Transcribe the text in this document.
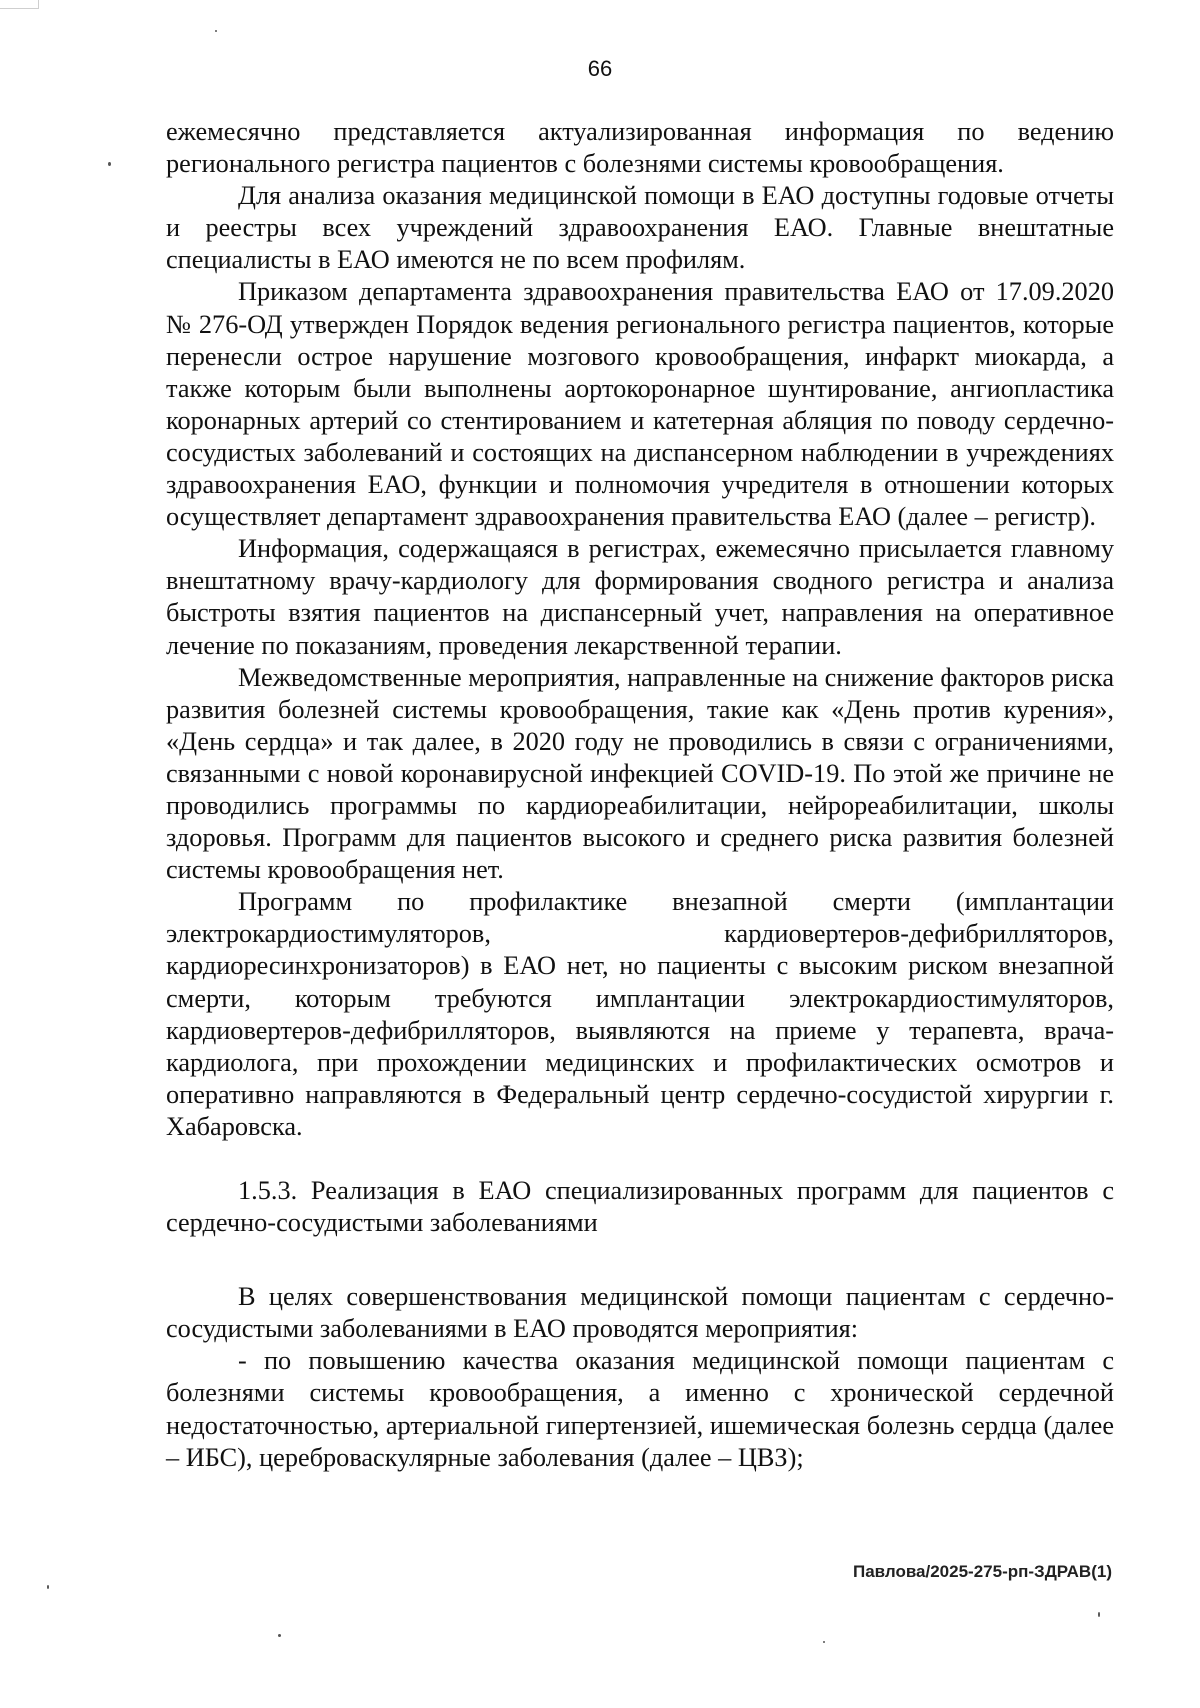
66

ежемесячно представляется актуализированная информация по ведению регионального регистра пациентов с болезнями системы кровообращения.

Для анализа оказания медицинской помощи в ЕАО доступны годовые отчеты и реестры всех учреждений здравоохранения ЕАО. Главные внештатные специалисты в ЕАО имеются не по всем профилям.

Приказом департамента здравоохранения правительства ЕАО от 17.09.2020 № 276-ОД утвержден Порядок ведения регионального регистра пациентов, которые перенесли острое нарушение мозгового кровообращения, инфаркт миокарда, а также которым были выполнены аортокоронарное шунтирование, ангиопластика коронарных артерий со стентированием и катетерная абляция по поводу сердечно-сосудистых заболеваний и состоящих на диспансерном наблюдении в учреждениях здравоохранения ЕАО, функции и полномочия учредителя в отношении которых осуществляет департамент здравоохранения правительства ЕАО (далее – регистр).

Информация, содержащаяся в регистрах, ежемесячно присылается главному внештатному врачу-кардиологу для формирования сводного регистра и анализа быстроты взятия пациентов на диспансерный учет, направления на оперативное лечение по показаниям, проведения лекарственной терапии.

Межведомственные мероприятия, направленные на снижение факторов риска развития болезней системы кровообращения, такие как «День против курения», «День сердца» и так далее, в 2020 году не проводились в связи с ограничениями, связанными с новой коронавирусной инфекцией COVID-19. По этой же причине не проводились программы по кардиореабилитации, нейрореабилитации, школы здоровья. Программ для пациентов высокого и среднего риска развития болезней системы кровообращения нет.

Программ по профилактике внезапной смерти (имплантации электрокардиостимуляторов, кардиовертеров-дефибрилляторов, кардиоресинхронизаторов) в ЕАО нет, но пациенты с высоким риском внезапной смерти, которым требуются имплантации электрокардиостимуляторов, кардиовертеров-дефибрилляторов, выявляются на приеме у терапевта, врача-кардиолога, при прохождении медицинских и профилактических осмотров и оперативно направляются в Федеральный центр сердечно-сосудистой хирургии г. Хабаровска.

1.5.3. Реализация в ЕАО специализированных программ для пациентов с сердечно-сосудистыми заболеваниями

В целях совершенствования медицинской помощи пациентам с сердечно-сосудистыми заболеваниями в ЕАО проводятся мероприятия:

- по повышению качества оказания медицинской помощи пациентам с болезнями системы кровообращения, а именно с хронической сердечной недостаточностью, артериальной гипертензией, ишемическая болезнь сердца (далее – ИБС), цереброваскулярные заболевания (далее – ЦВЗ);

Павлова/2025-275-рп-ЗДРАВ(1)
